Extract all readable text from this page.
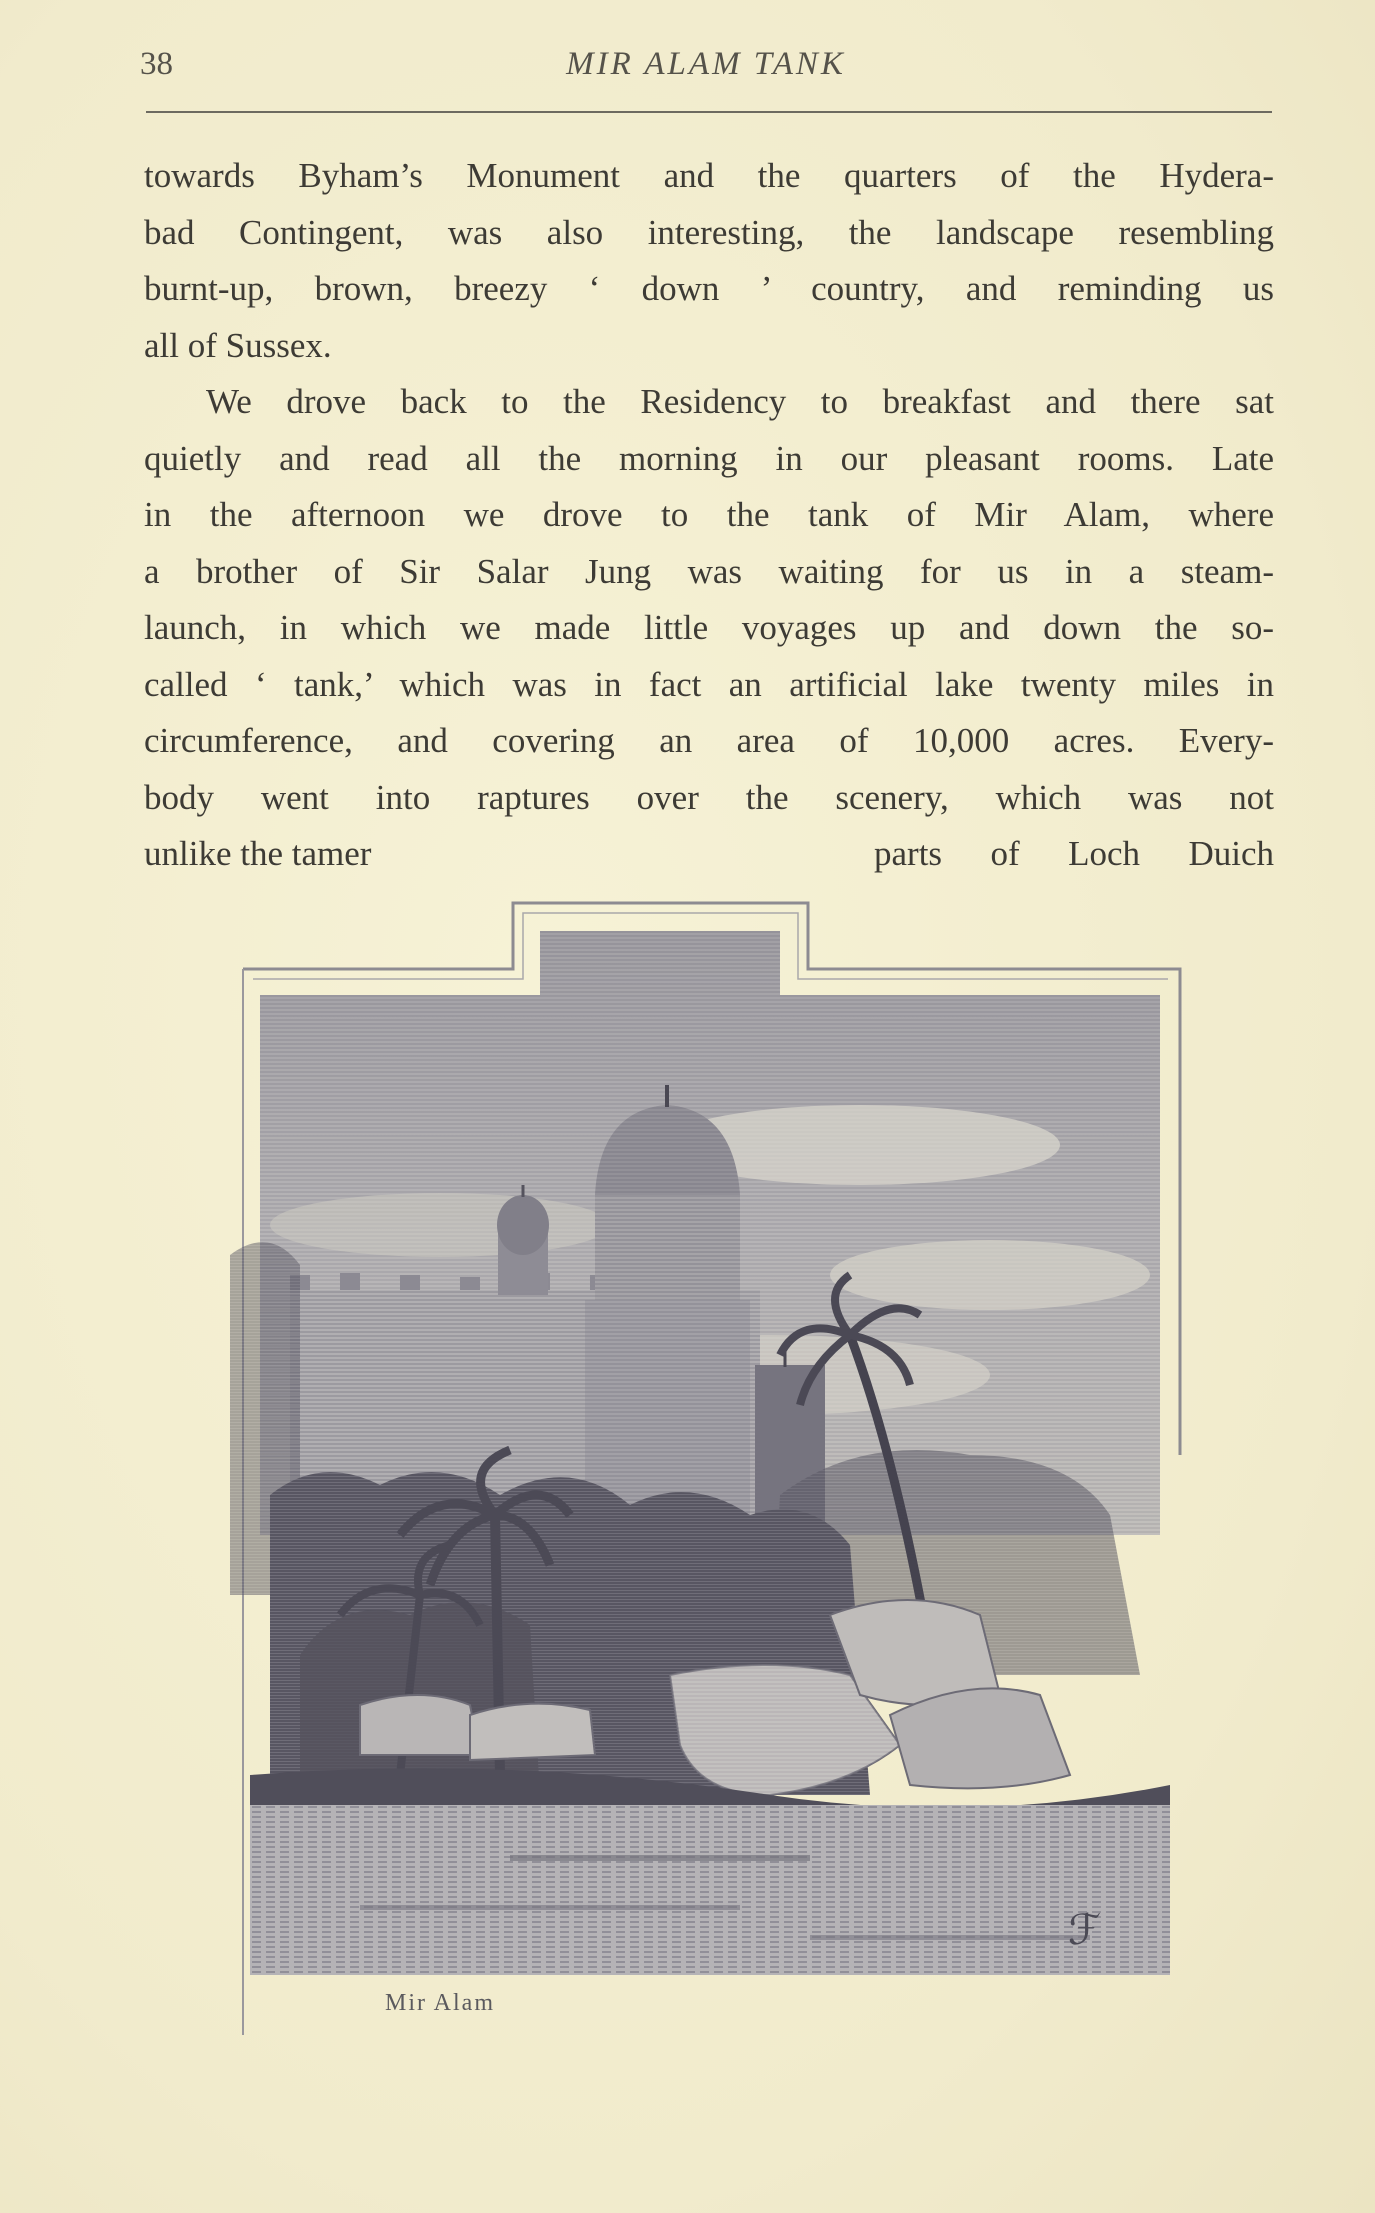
38	MIR ALAM TANK
towards Byham’s Monument and the quarters of the Hydera-
bad Contingent, was also interesting, the landscape resembling
burnt-up, brown, breezy ‘ down ’ country, and reminding us
all of Sussex.
We drove back to the Residency to breakfast and there sat
quietly and read all the morning in our pleasant rooms. Late
in the afternoon we drove to the tank of Mir Alam, where
a brother of Sir Salar Jung was waiting for us in a steam-
launch, in which we made little voyages up and down the so-
called ‘ tank,’ which was in fact an artificial lake twenty miles in
circumference, and covering an area of 10,000 acres. Every-
body went into raptures over the scenery, which was not
unlike the tamer	parts of Loch Duich
ℱ
Mir Alam
